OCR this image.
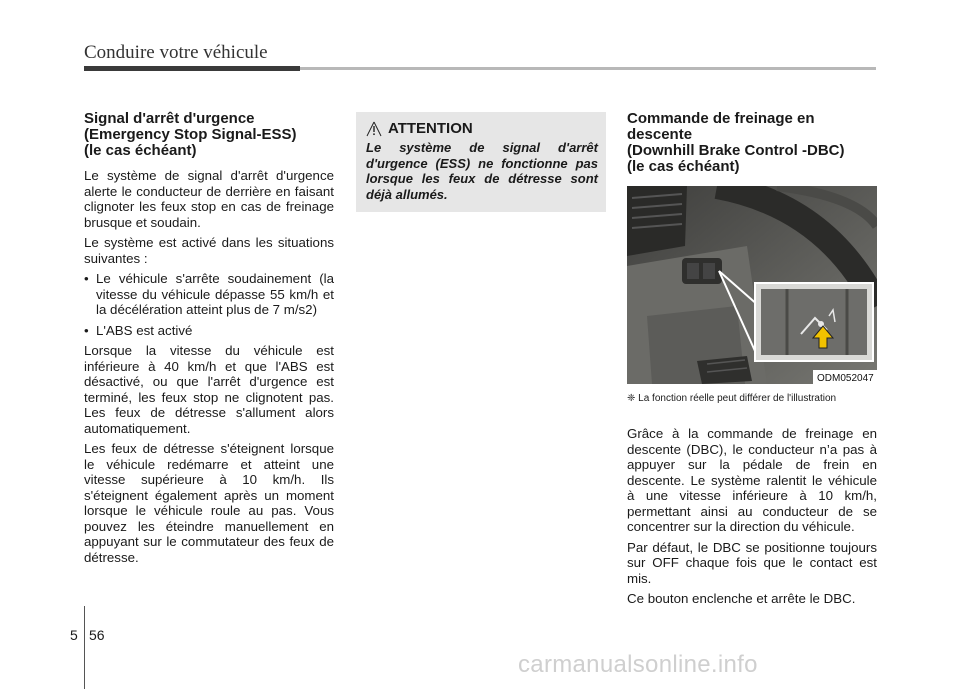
Conduire votre véhicule
Signal d'arrêt d'urgence
(Emergency Stop Signal-ESS)
(le cas échéant)

Le système de signal d'arrêt d'urgence alerte le conducteur de derrière en faisant clignoter les feux stop en cas de freinage brusque et soudain.

Le système est activé dans les situations suivantes :

• Le véhicule s'arrête soudainement (la vitesse du véhicule dépasse 55 km/h et la décélération atteint plus de 7 m/s2)
• L'ABS est activé

Lorsque la vitesse du véhicule est inférieure à 40 km/h et que l'ABS est désactivé, ou que l'arrêt d'urgence est terminé, les feux stop ne clignotent pas. Les feux de détresse s'allument alors automatiquement.

Les feux de détresse s'éteignent lorsque le véhicule redémarre et atteint une vitesse supérieure à 10 km/h. Ils s'éteignent également après un moment lorsque le véhicule roule au pas. Vous pouvez les éteindre manuellement en appuyant sur le commutateur des feux de détresse.

ATTENTION
Le système de signal d'arrêt d'urgence (ESS) ne fonctionne pas lorsque les feux de détresse sont déjà allumés.
Commande de freinage en
descente
(Downhill Brake Control -DBC)
(le cas échéant)
ODM052047
❈ La fonction réelle peut différer de l'illustration

Grâce à la commande de freinage en descente (DBC), le conducteur n’a pas à appuyer sur la pédale de frein en descente. Le système ralentit le véhicule à une vitesse inférieure à 10 km/h, permettant ainsi au conducteur de se concentrer sur la direction du véhicule.

Par défaut, le DBC se positionne toujours sur OFF chaque fois que le contact est mis.

Ce bouton enclenche et arrête le DBC.

5 56
carmanualsonline.info
